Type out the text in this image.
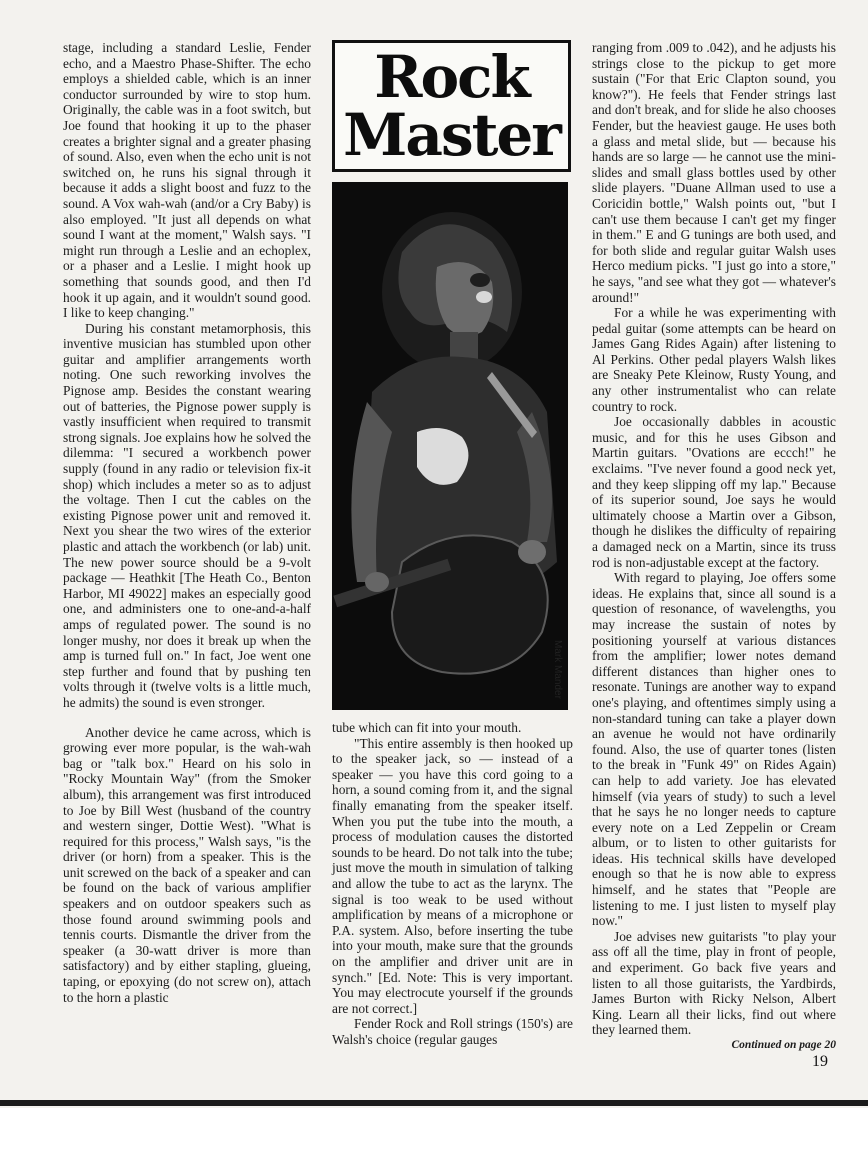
stage, including a standard Leslie, Fender echo, and a Maestro Phase-Shifter. The echo employs a shielded cable, which is an inner conductor surrounded by wire to stop hum. Originally, the cable was in a foot switch, but Joe found that hooking it up to the phaser creates a brighter signal and a greater phasing of sound. Also, even when the echo unit is not switched on, he runs his signal through it because it adds a slight boost and fuzz to the sound. A Vox wah-wah (and/or a Cry Baby) is also employed. "It just all depends on what sound I want at the moment," Walsh says. "I might run through a Leslie and an echoplex, or a phaser and a Leslie. I might hook up something that sounds good, and then I'd hook it up again, and it wouldn't sound good. I like to keep changing."

During his constant metamorphosis, this inventive musician has stumbled upon other guitar and amplifier arrangements worth noting. One such reworking involves the Pignose amp. Besides the constant wearing out of batteries, the Pignose power supply is vastly insufficient when required to transmit strong signals. Joe explains how he solved the dilemma: "I secured a workbench power supply (found in any radio or television fix-it shop) which includes a meter so as to adjust the voltage. Then I cut the cables on the existing Pignose power unit and removed it. Next you shear the two wires of the exterior plastic and attach the workbench (or lab) unit. The new power source should be a 9-volt package — Heathkit [The Heath Co., Benton Harbor, MI 49022] makes an especially good one, and administers one to one-and-a-half amps of regulated power. The sound is no longer mushy, nor does it break up when the amp is turned full on." In fact, Joe went one step further and found that by pushing ten volts through it (twelve volts is a little much, he admits) the sound is even stronger.

Another device he came across, which is growing ever more popular, is the wah-wah bag or "talk box." Heard on his solo in "Rocky Mountain Way" (from the Smoker album), this arrangement was first introduced to Joe by Bill West (husband of the country and western singer, Dottie West). "What is required for this process," Walsh says, "is the driver (or horn) from a speaker. This is the unit screwed on the back of a speaker and can be found on the back of various amplifier speakers and on outdoor speakers such as those found around swimming pools and tennis courts. Dismantle the driver from the speaker (a 30-watt driver is more than satisfactory) and by either stapling, glueing, taping, or epoxying (do not screw on), attach to the horn a plastic

Rock
Master
Mark Mander

tube which can fit into your mouth.

"This entire assembly is then hooked up to the speaker jack, so — instead of a speaker — you have this cord going to a horn, a sound coming from it, and the signal finally emanating from the speaker itself. When you put the tube into the mouth, a process of modulation causes the distorted sounds to be heard. Do not talk into the tube; just move the mouth in simulation of talking and allow the tube to act as the larynx. The signal is too weak to be used without amplification by means of a microphone or P.A. system. Also, before inserting the tube into your mouth, make sure that the grounds on the amplifier and driver unit are in synch." [Ed. Note: This is very important. You may electrocute yourself if the grounds are not correct.]

Fender Rock and Roll strings (150's) are Walsh's choice (regular gauges

ranging from .009 to .042), and he adjusts his strings close to the pickup to get more sustain ("For that Eric Clapton sound, you know?"). He feels that Fender strings last and don't break, and for slide he also chooses Fender, but the heaviest gauge. He uses both a glass and metal slide, but — because his hands are so large — he cannot use the mini-slides and small glass bottles used by other slide players. "Duane Allman used to use a Coricidin bottle," Walsh points out, "but I can't use them because I can't get my finger in them." E and G tunings are both used, and for both slide and regular guitar Walsh uses Herco medium picks. "I just go into a store," he says, "and see what they got — whatever's around!"

For a while he was experimenting with pedal guitar (some attempts can be heard on James Gang Rides Again) after listening to Al Perkins. Other pedal players Walsh likes are Sneaky Pete Kleinow, Rusty Young, and any other instrumentalist who can relate country to rock.

Joe occasionally dabbles in acoustic music, and for this he uses Gibson and Martin guitars. "Ovations are eccch!" he exclaims. "I've never found a good neck yet, and they keep slipping off my lap." Because of its superior sound, Joe says he would ultimately choose a Martin over a Gibson, though he dislikes the difficulty of repairing a damaged neck on a Martin, since its truss rod is non-adjustable except at the factory.

With regard to playing, Joe offers some ideas. He explains that, since all sound is a question of resonance, of wavelengths, you may increase the sustain of notes by positioning yourself at various distances from the amplifier; lower notes demand different distances than higher ones to resonate. Tunings are another way to expand one's playing, and oftentimes simply using a non-standard tuning can take a player down an avenue he would not have ordinarily found. Also, the use of quarter tones (listen to the break in "Funk 49" on Rides Again) can help to add variety. Joe has elevated himself (via years of study) to such a level that he says he no longer needs to capture every note on a Led Zeppelin or Cream album, or to listen to other guitarists for ideas. His technical skills have developed enough so that he is now able to express himself, and he states that "People are listening to me. I just listen to myself play now."

Joe advises new guitarists "to play your ass off all the time, play in front of people, and experiment. Go back five years and listen to all those guitarists, the Yardbirds, James Burton with Ricky Nelson, Albert King. Learn all their licks, find out where they learned them.

Continued on page 20

19
